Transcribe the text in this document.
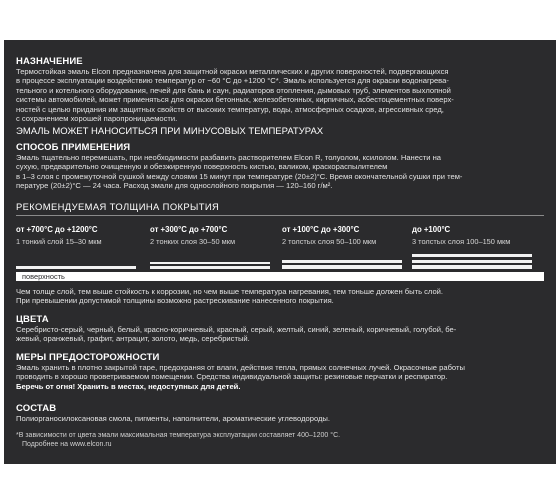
НАЗНАЧЕНИЕ
Термостойкая эмаль Elcon предназначена для защитной окраски металлических и других поверхностей, подвергающихся
в процессе эксплуатации воздействию температур от −60 °С до +1200 °С*. Эмаль используется для окраски водонагрева-
тельного и котельного оборудования, печей для бань и саун, радиаторов отопления, дымовых труб, элементов выхлопной
системы автомобилей, может применяться для окраски бетонных, железобетонных, кирпичных, асбестоцементных поверх-
ностей с целью придания им защитных свойств от высоких температур, воды, атмосферных осадков, агрессивных сред,
с сохранением хорошей паропроницаемости.
ЭМАЛЬ МОЖЕТ НАНОСИТЬСЯ ПРИ МИНУСОВЫХ ТЕМПЕРАТУРАХ
СПОСОБ ПРИМЕНЕНИЯ
Эмаль тщательно перемешать, при необходимости разбавить растворителем Elcon R, толуолом, ксилолом. Нанести на
сухую, предварительно очищенную и обезжиренную поверхность кистью, валиком, краскораспылителем
в 1–3 слоя с промежуточной сушкой между слоями 15 минут при температуре (20±2)°С. Время окончательной сушки при тем-
пературе (20±2)°С — 24 часа. Расход эмали для однослойного покрытия — 120–160 г/м².
РЕКОМЕНДУЕМАЯ ТОЛЩИНА ПОКРЫТИЯ
от +700°С до +1200°С
1 тонкий слой 15–30 мкм
от +300°С до +700°С
2 тонких слоя 30–50 мкм
от +100°С до +300°С
2 толстых слоя 50–100 мкм
до +100°С
3 толстых слоя 100–150 мкм
поверхность
Чем толще слой, тем выше стойкость к коррозии, но чем выше температура нагревания, тем тоньше должен быть слой.
При превышении допустимой толщины возможно растрескивание нанесенного покрытия.
ЦВЕТА
Серебристо-серый, черный, белый, красно-коричневый, красный, серый, желтый, синий, зеленый, коричневый, голубой, бе-
жевый, оранжевый, графит, антрацит, золото, медь, серебристый.
МЕРЫ ПРЕДОСТОРОЖНОСТИ
Эмаль хранить в плотно закрытой таре, предохраняя от влаги, действия тепла, прямых солнечных лучей. Окрасочные работы
проводить в хорошо проветриваемом помещении. Средства индивидуальной защиты: резиновые перчатки и респиратор.
Беречь от огня! Хранить в местах, недоступных для детей.
СОСТАВ
Полиорганосилоксановая смола, пигменты, наполнители, ароматические углеводороды.
*В зависимости от цвета эмали максимальная температура эксплуатации составляет 400–1200 °С.
Подробнее на www.elcon.ru
